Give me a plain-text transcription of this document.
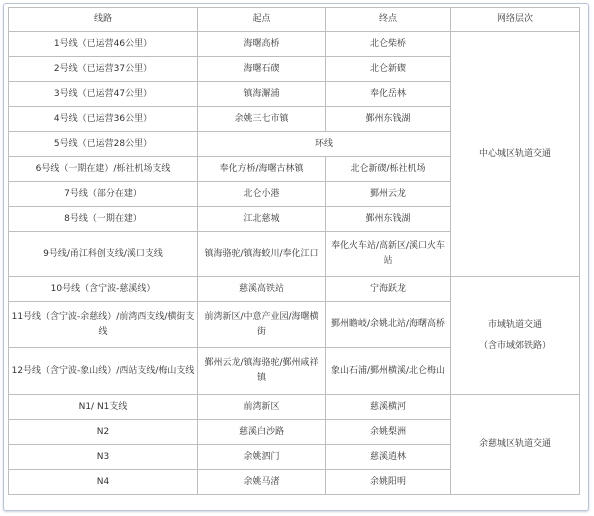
线路	起点	终点	网络层次
1号线（已运营46公里）	海曙高桥	北仑柴桥	中心城区轨道交通
2号线（已运营37公里）	海曙石碶	北仑新碶	
3号线（已运营47公里）	镇海澥浦	奉化岳林	
4号线（已运营36公里）	余姚三七市镇	鄞州东钱湖	
5号线（已运营28公里）	环线		
6号线（一期在建）/栎社机场支线	奉化方桥/海曙古林镇	北仑新碶/栎社机场	
7号线（部分在建）	北仑小港	鄞州云龙	
8号线（一期在建）	江北慈城	鄞州东钱湖	
9号线/甬江科创支线/溪口支线	镇海骆驼/镇海蛟川/奉化江口	奉化火车站/高新区/溪口火车站	
10号线（含宁波-慈溪线）	慈溪高铁站	宁海跃龙	市域轨道交通
（含市域郊铁路）

11号线（含宁波-余慈线）/前湾西支线/横街支线	前湾新区/中意产业园/海曙横街	鄞州瞻岐/余姚北站/海曙高桥	
12号线（含宁波-象山线）/西站支线/梅山支线	鄞州云龙/镇海骆驼/鄞州咸祥镇	象山石浦/鄞州横溪/北仑梅山	
N1/ N1支线	前湾新区	慈溪横河	余慈城区轨道交通
N2	慈溪白沙路	余姚梨洲	
N3	余姚泗门	慈溪逍林	
N4	余姚马渚	余姚阳明	
